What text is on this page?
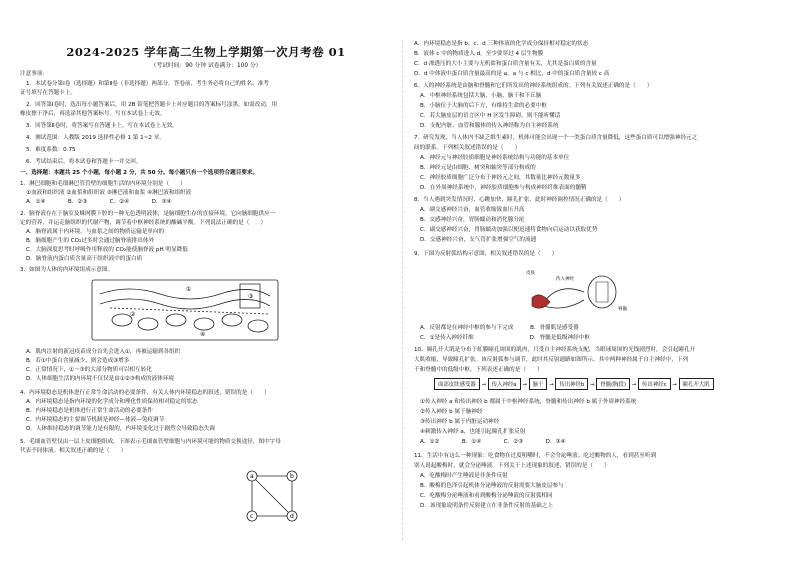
2024-2025 学年高二生物上学期第一次月考卷 01
（考试时间：90 分钟 试卷满分：100 分）
注意事项：
1．本试卷分第Ⅰ卷（选择题）和第Ⅱ卷（非选择题）两部分。答卷前，考生务必将自己的姓名、准考
证号填写在答题卡上。
2．回答第Ⅰ卷时，选出每小题答案后，用 2B 铅笔把答题卡上对应题目的答案标号涂黑，如需改动，用
橡皮擦干净后，再选涂其他答案标号。写在本试卷上无效。
3．回答第Ⅱ卷时，将答案写在答题卡上。写在本试卷上无效。
4．测试范围：人教版 2019 选择性必修 1 第 1~2 章。
5．难度系数：0.75
6．考试结束后，将本试卷和答题卡一并交回。
一、选择题：本题共 25 个小题，每小题 2 分，共 50 分。每小题只有一个选项符合题目要求。
1．淋巴细胞和毛细淋巴管管壁的细胞生活的内环境分别是（　　）
①血液和组织液 ②血浆和组织液 ③淋巴液和血浆 ④淋巴液和组织液
A．①④　　　　B．②③　　　　C．②④　　　　D．③④
2．脑脊液存在于脑室及蛛网膜下腔的一种无色透明液体，是脑细胞生存的直接环境。它向脑细胞供应一
定的营养，并运走脑组织的代谢产物，调节着中枢神经系统的酸碱平衡。下列说法正确的是（　　）
A．脑脊液属于内环境，与血浆之间的物质运输是单向的
B．脑细胞产生的 CO₂过多时会通过脑脊液排出体外
C．大脑深度思考时呼吸作用释放的 CO₂能使脑脊液 pH 明显降低
D．脑脊液内蛋白质含量高于组织液中的蛋白质
3．如图为人体的内环境组成示意图。
①
②
③
④
A．肌肉注射的新冠疫苗成分首先会进入①，再被运输到各组织
B．若①中蛋白含量减少，则会造成③增多
C．正常情况下，①～③的大部分物质可以相互转化
D．人体细胞生活的内环境不仅仅是由①②③构成的液体环境
4．内环境稳态是机体进行正常生命活动的必要条件，有关人体内环境稳态的叙述，错误的是（　　）
A．内环境稳态是指内环境的化学成分和理化性质保持相对稳定的状态
B．内环境稳态是机体进行正常生命活动的必要条件
C．内环境稳态的主要调节机制是神经—体液—免疫调节
D．人体维持稳态的调节能力是有限的，内环境变化过于剧烈会导致稳态失调
5．毛细血管壁仅由一层上皮细胞组成，下图表示毛细血管壁细胞与内环境可能的物质交换途径，图中字母
代表不同体液。相关叙述正确的是（　　）
a	b
c	d
A．内环境稳态是指 b、c、d 三种体液的化学成分保持相对稳定的状态
B．液体 c 中的物质进入 d，至少要穿过 4 层生物膜
C．d 渗透压的大小主要与无机盐和蛋白质含量有关，尤其是蛋白质的含量
D．d 中体液中蛋白质含量最高的是 a，a 与 c 相比，d 中的蛋白质含量较 c 高
6．人的神经系统是由脑和脊髓和它们所发出的神经系统组成的。下列有关叙述正确的是（　　）
A．中枢神经系统包括大脑、小脑、脑干和下丘脑
B．小脑位于大脑的后下方，有维持生命的必要中枢
C．若大脑皮层的语言区中 H 区发生障碍，则不能听懂话
D．支配内脏、血管和腺体的传入神经称为自主神经系统
7．研究发现，当人体内不缺乏维生素时，机体可能会出现一个一类蛋白质含量降低，这些蛋白质可以增强神经元之
间的联系。下列相关叙述错误的是（　　）
A．神经元与神经胶质细胞是神经系统结构与功能的基本单位
B．神经元是由细胞、树突和轴突等部分构成的
C．神经胶质细胞广泛分布于神经元之间，其数量比神经元数量多
D．在外周神经系统中，神经胶质细胞参与构成神经纤维表面的髓鞘
8．当人遇到突发情况时，心跳加快，瞳孔扩张，此时神经调控情况正确的是（　　）
A．副交感神经兴奋，血管收缩致血压升高
B．交感神经兴奋，胃肠蠕动和消化腺分泌
C．副交感神经兴奋，胃肠蠕动加强以便迅速将食物向后运动以获取优势
D．交感神经兴奋，支气管扩张增强空气的流通
9．下图为反射弧结构示意图，相关叙述错误的是（　　）
皮肤
传入神经
脊髓
A．反射都是在神经中枢的参与下完成　　　B．骨骼肌是感受器
C．①是传入神经纤维　　　　　　　　　　D．脊髓是低级神经中枢
10．瞳孔开大肌是分布于虹膜瞳孔周围的肌肉，只受自主神经系统支配，当眼球周围的光线剧烈时，会引起瞳孔开
大肌收缩，导致瞳孔扩张。该反射弧参与调节，此时其反射通路如图所示，其中两种神经属于自主神经中，下列
干和脊髓中的低级中枢。下列表述正确的是（　　）
面部皮肤感受器 → 传入神经a → 脑干 → 传出神经b → 脊髓(胸段) → 传出神经c → 瞳孔开大肌
①传入神经 a 和传出神经 b 都属于中枢神经系统，脊髓和传出神经 b 属于外周神经系统
②传入神经 b 属于脑神经
③传出神经 b 属于内脏运动神经
④刺激传入神经 a，也能引起瞳孔扩张反射
A．①②　　　　B．①④　　　　C．②③　　　　D．③④
11．生活中有这么一种现象：吃食物在过度咀嚼时，不会分泌唾液；吃过酸物的人，看到甚至听到
别人说起酸梅时，就会分泌唾液。下列关于上述现象的叙述，错误的是（　　）
A．吃酸梅时产生唾液是非条件反射
B．酸梅的色泽引起机体分泌唾液的反射需要大脑皮层参与
C．吃酸梅分泌唾液和看到酸梅分泌唾液的反射弧相同
D．该现象说明条件反射建立在非条件反射的基础之上
